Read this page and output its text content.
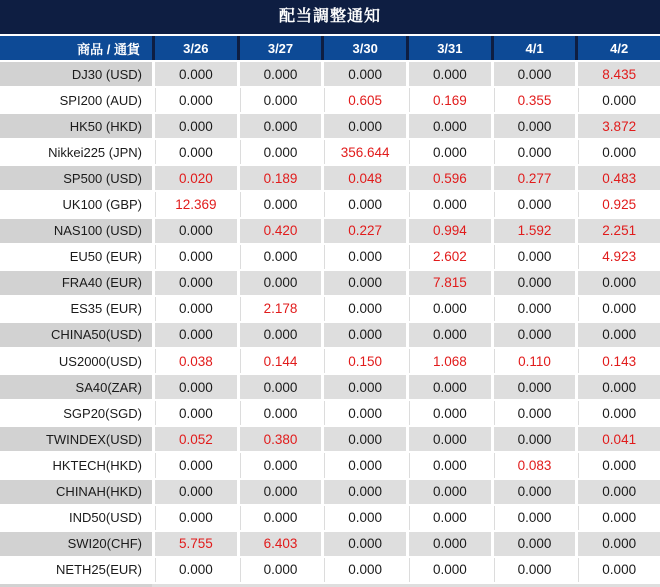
配当調整通知
商品 / 通貨	3/26	3/27	3/30	3/31	4/1	4/2
DJ30 (USD)	0.000	0.000	0.000	0.000	0.000	8.435
SPI200 (AUD)	0.000	0.000	0.605	0.169	0.355	0.000
HK50 (HKD)	0.000	0.000	0.000	0.000	0.000	3.872
Nikkei225 (JPN)	0.000	0.000	356.644	0.000	0.000	0.000
SP500 (USD)	0.020	0.189	0.048	0.596	0.277	0.483
UK100 (GBP)	12.369	0.000	0.000	0.000	0.000	0.925
NAS100 (USD)	0.000	0.420	0.227	0.994	1.592	2.251
EU50 (EUR)	0.000	0.000	0.000	2.602	0.000	4.923
FRA40 (EUR)	0.000	0.000	0.000	7.815	0.000	0.000
ES35 (EUR)	0.000	2.178	0.000	0.000	0.000	0.000
CHINA50(USD)	0.000	0.000	0.000	0.000	0.000	0.000
US2000(USD)	0.038	0.144	0.150	1.068	0.110	0.143
SA40(ZAR)	0.000	0.000	0.000	0.000	0.000	0.000
SGP20(SGD)	0.000	0.000	0.000	0.000	0.000	0.000
TWINDEX(USD)	0.052	0.380	0.000	0.000	0.000	0.041
HKTECH(HKD)	0.000	0.000	0.000	0.000	0.083	0.000
CHINAH(HKD)	0.000	0.000	0.000	0.000	0.000	0.000
IND50(USD)	0.000	0.000	0.000	0.000	0.000	0.000
SWI20(CHF)	5.755	6.403	0.000	0.000	0.000	0.000
NETH25(EUR)	0.000	0.000	0.000	0.000	0.000	0.000
